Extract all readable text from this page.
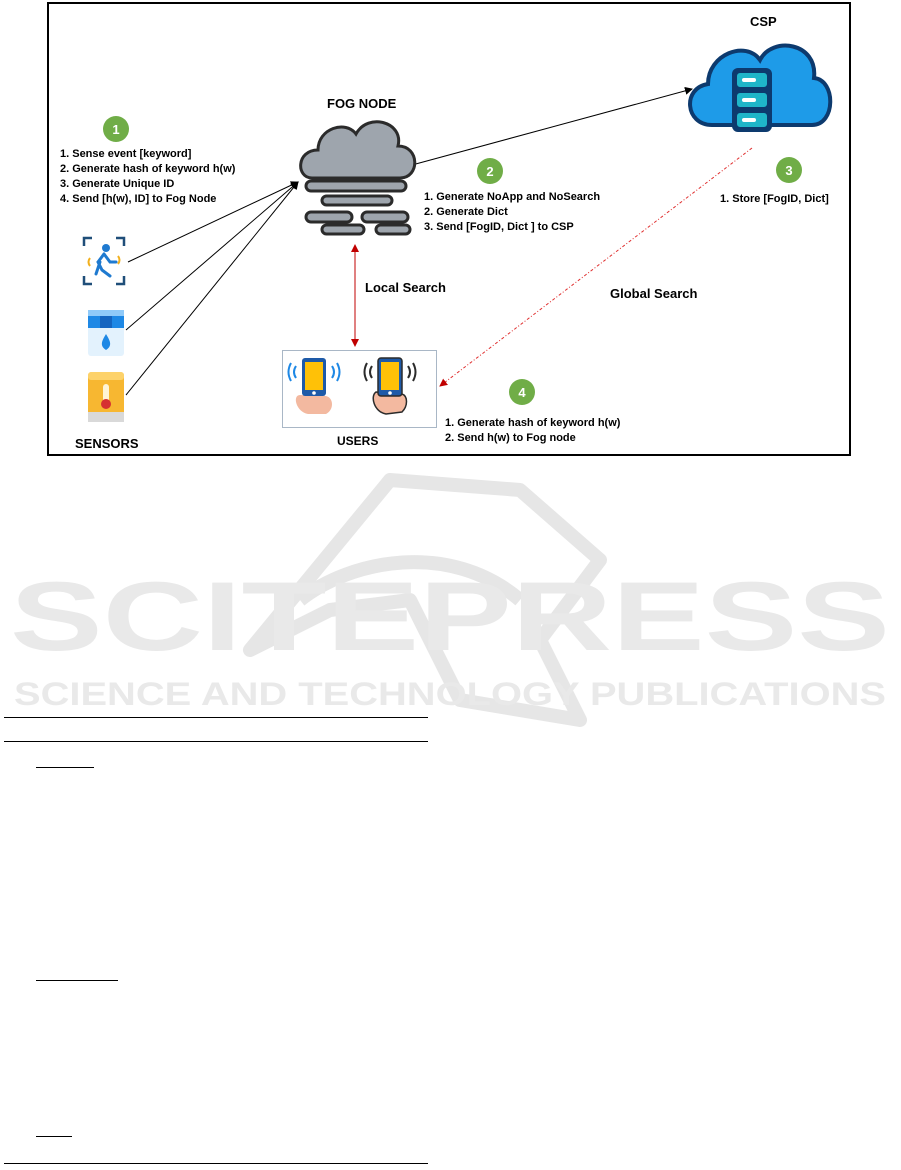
FOG NODE
CSP
SENSORS	USERS
Local Search	Global Search
1
2	3
4
1. Sense event [keyword]
2. Generate hash of keyword h(w)
3. Generate Unique ID
4. Send [h(w), ID] to Fog Node	1. Generate NoApp and NoSearch
2. Generate Dict
3. Send [FogID, Dict ] to CSP
1. Store [FogID, Dict]
1. Generate hash of keyword h(w)
2. Send h(w) to Fog node
SCITEPRESS
SCIENCE AND TECHNOLOGY PUBLICATIONS
